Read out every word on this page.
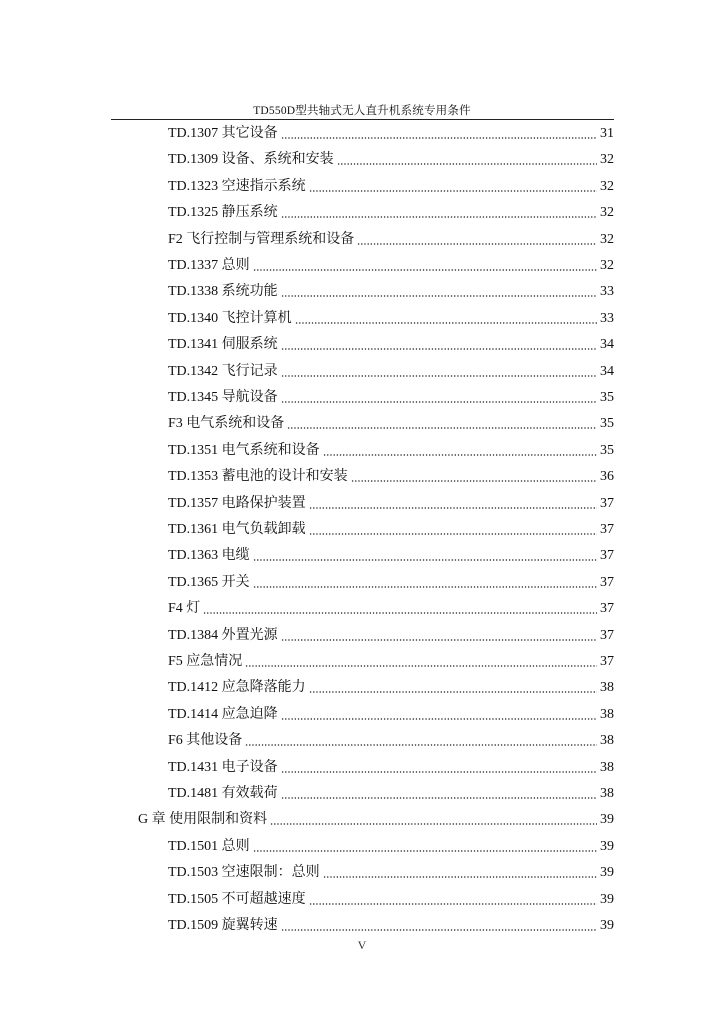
TD550D型共轴式无人直升机系统专用条件
TD.1307 其它设备	31
TD.1309 设备、系统和安装	32
TD.1323 空速指示系统	32
TD.1325 静压系统	32
F2 飞行控制与管理系统和设备	32
TD.1337 总则	32
TD.1338 系统功能	33
TD.1340 飞控计算机	33
TD.1341 伺服系统	34
TD.1342 飞行记录	34
TD.1345 导航设备	35
F3 电气系统和设备	35
TD.1351 电气系统和设备	35
TD.1353 蓄电池的设计和安装	36
TD.1357 电路保护装置	37
TD.1361 电气负载卸载	37
TD.1363 电缆	37
TD.1365 开关	37
F4 灯	37
TD.1384 外置光源	37
F5 应急情况	37
TD.1412 应急降落能力	38
TD.1414 应急迫降	38
F6 其他设备	38
TD.1431 电子设备	38
TD.1481 有效载荷	38
G 章 使用限制和资料	39
TD.1501 总则	39
TD.1503 空速限制：总则	39
TD.1505 不可超越速度	39
TD.1509 旋翼转速	39
V
